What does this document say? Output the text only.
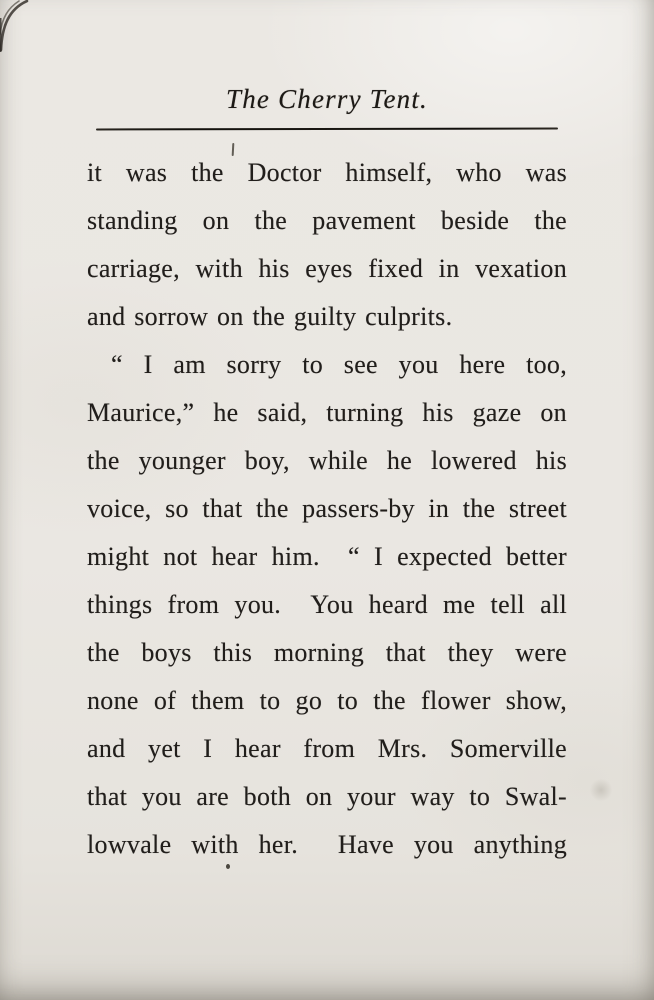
The Cherry Tent.
it was the Doctor himself, who was
standing on the pavement beside the
carriage, with his eyes fixed in vexation
and sorrow on the guilty culprits.
“ I am sorry to see you here too,
Maurice,” he said, turning his gaze on
the younger boy, while he lowered his
voice, so that the passers-by in the street
might not hear him.  “ I expected better
things from you.  You heard me tell all
the boys this morning that they were
none of them to go to the flower show,
and yet I hear from Mrs. Somerville
that you are both on your way to Swal-
lowvale with her.  Have you anything
